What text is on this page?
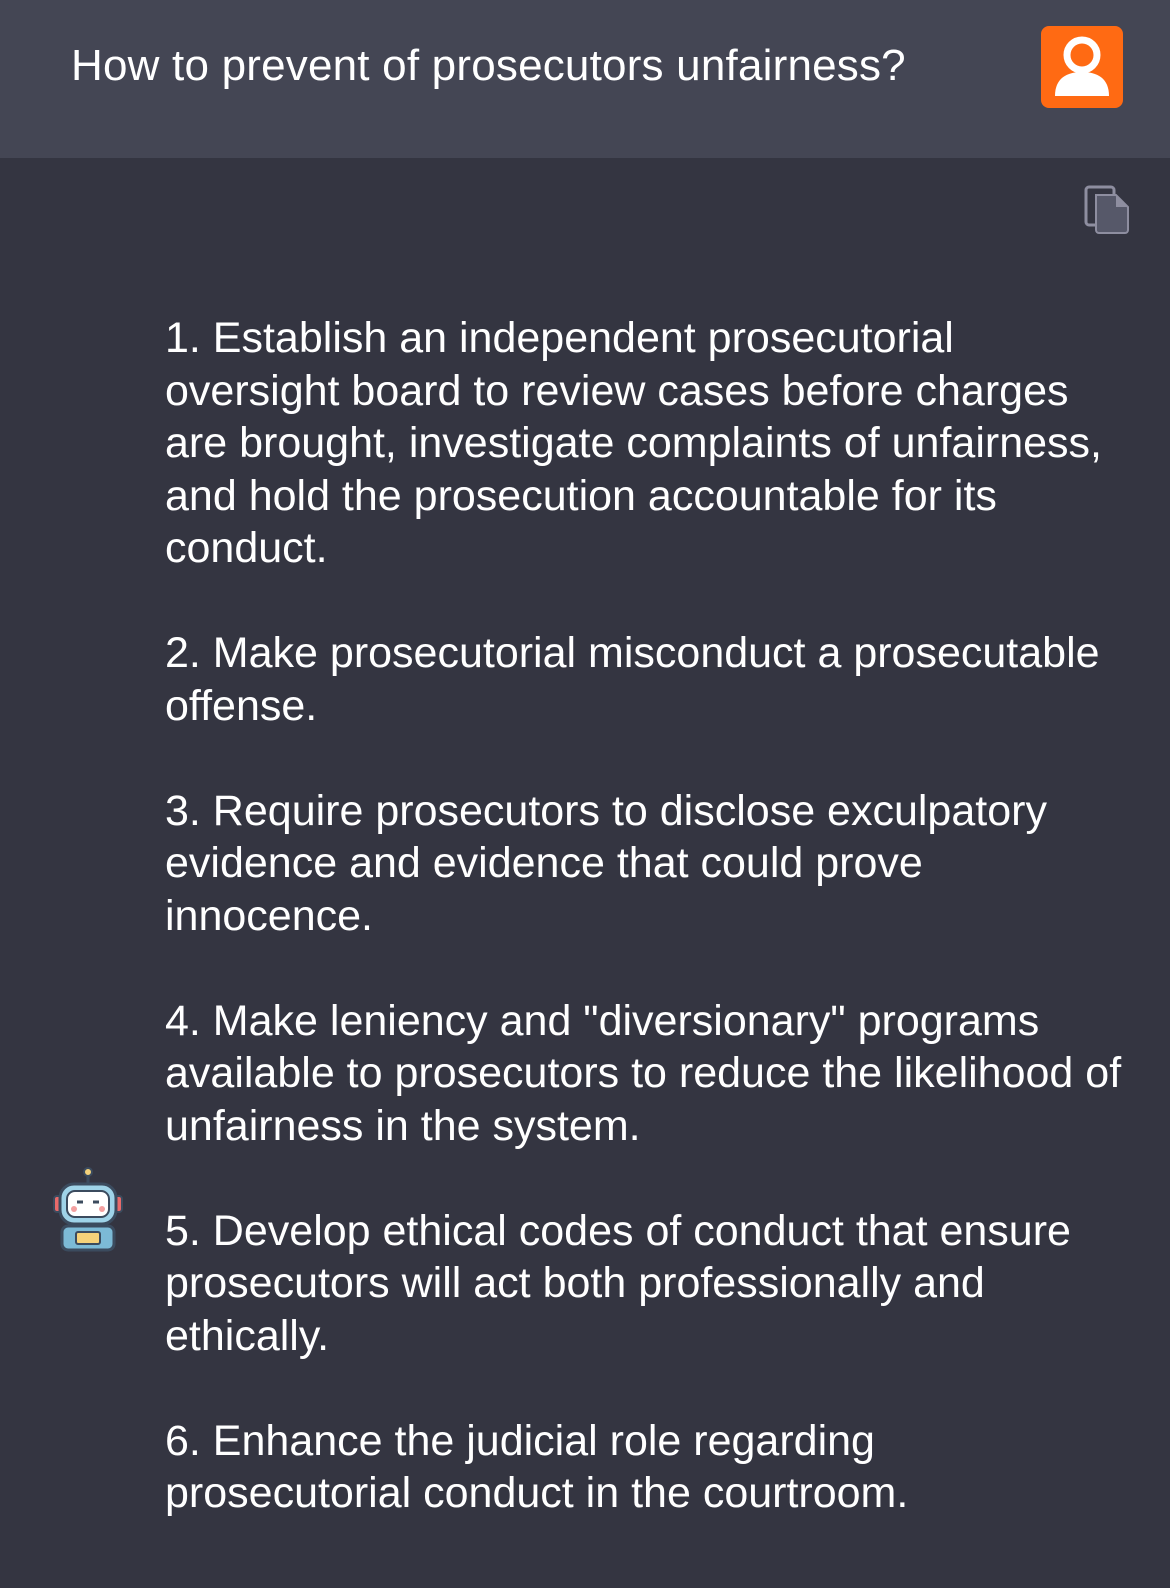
How to prevent of prosecutors unfairness?
1. Establish an independent prosecutorial oversight board to review cases before charges are brought, investigate complaints of unfairness, and hold the prosecution accountable for its conduct.
2. Make prosecutorial misconduct a prosecutable offense.
3. Require prosecutors to disclose exculpatory evidence and evidence that could prove innocence.
4. Make leniency and "diversionary" programs available to prosecutors to reduce the likelihood of unfairness in the system.
5. Develop ethical codes of conduct that ensure prosecutors will act both professionally and ethically.
6. Enhance the judicial role regarding prosecutorial conduct in the courtroom.
